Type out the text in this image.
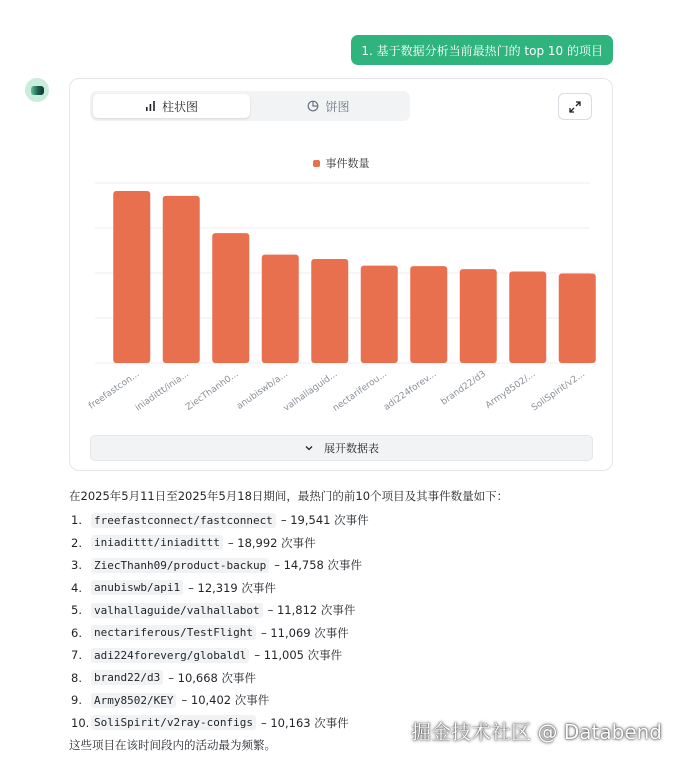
1. 基于数据分析当前最热门的 top 10 的项目
柱状图	饼图
事件数量
freefastcon...
iniadittt/inia...
ZiecThanh0...
anubiswb/a...
valhallaguid...
nectariferou...
adi224forev... brand22/d3
Army8502/...
SoliSpirit/v2...
展开数据表
在2025年5月11日至2025年5月18日期间，最热门的前10个项目及其事件数量如下：
1.	freefastconnect/fastconnect – 19,541 次事件
2.	iniadittt/iniadittt – 18,992 次事件
3.	ZiecThanh09/product-backup – 14,758 次事件
4.	anubiswb/api1 – 12,319 次事件
5.	valhallaguide/valhallabot – 11,812 次事件
6.	nectariferous/TestFlight – 11,069 次事件
7.	adi224foreverg/globaldl – 11,005 次事件
8.	brand22/d3 – 10,668 次事件
9.	Army8502/KEY – 10,402 次事件
10. SoliSpirit/v2ray-configs – 10,163 次事件
这些项目在该时间段内的活动最为频繁。
掘金技术社区 @ Databend
